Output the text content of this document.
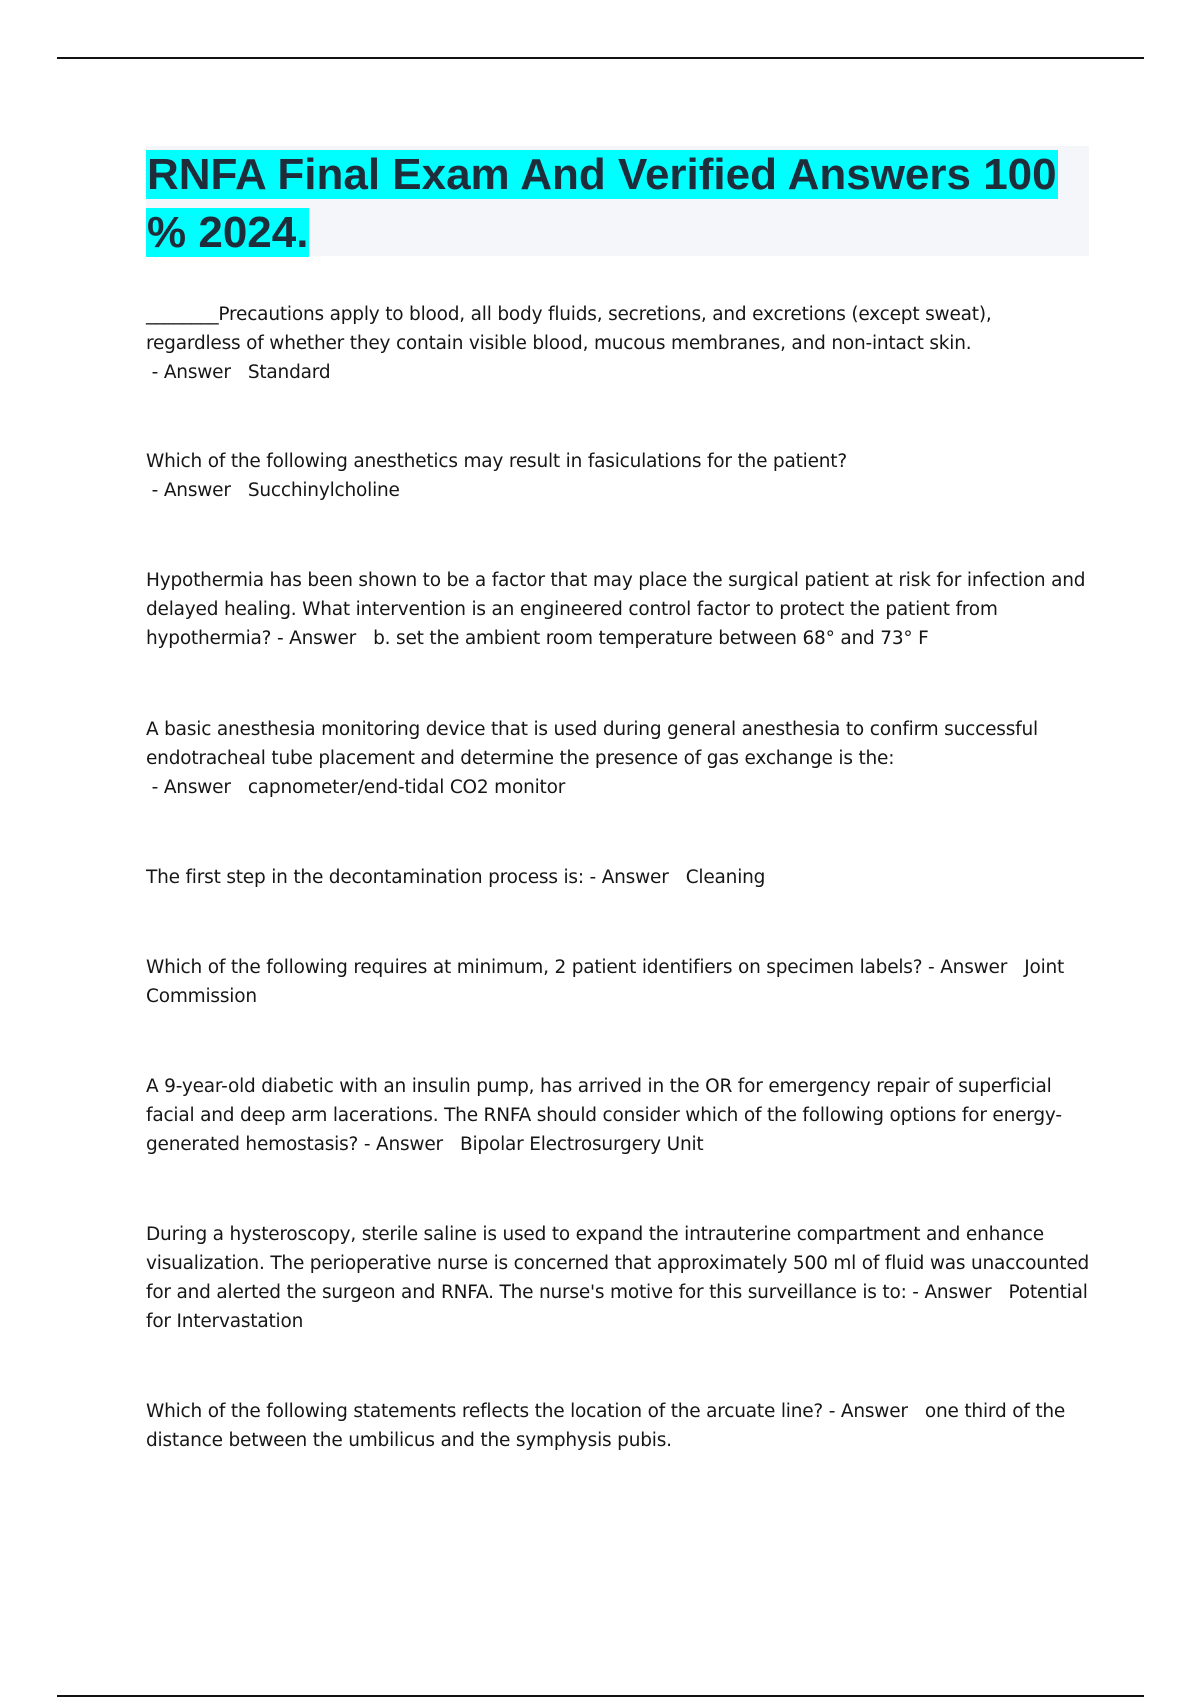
RNFA Final Exam And Verified Answers 100 % 2024.

________Precautions apply to blood, all body fluids, secretions, and excretions (except sweat), regardless of whether they contain visible blood, mucous membranes, and non-intact skin. - Answer   Standard

Which of the following anesthetics may result in fasiculations for the patient? - Answer   Succhinylcholine

Hypothermia has been shown to be a factor that may place the surgical patient at risk for infection and delayed healing. What intervention is an engineered control factor to protect the patient from hypothermia? - Answer   b. set the ambient room temperature between 68° and 73° F

A basic anesthesia monitoring device that is used during general anesthesia to confirm successful endotracheal tube placement and determine the presence of gas exchange is the: - Answer   capnometer/end-tidal CO2 monitor

The first step in the decontamination process is: - Answer   Cleaning

Which of the following requires at minimum, 2 patient identifiers on specimen labels? - Answer   Joint Commission

A 9-year-old diabetic with an insulin pump, has arrived in the OR for emergency repair of superficial facial and deep arm lacerations. The RNFA should consider which of the following options for energy-generated hemostasis? - Answer   Bipolar Electrosurgery Unit

During a hysteroscopy, sterile saline is used to expand the intrauterine compartment and enhance visualization. The perioperative nurse is concerned that approximately 500 ml of fluid was unaccounted for and alerted the surgeon and RNFA. The nurse's motive for this surveillance is to: - Answer   Potential for Intervastation

Which of the following statements reflects the location of the arcuate line? - Answer   one third of the distance between the umbilicus and the symphysis pubis.
